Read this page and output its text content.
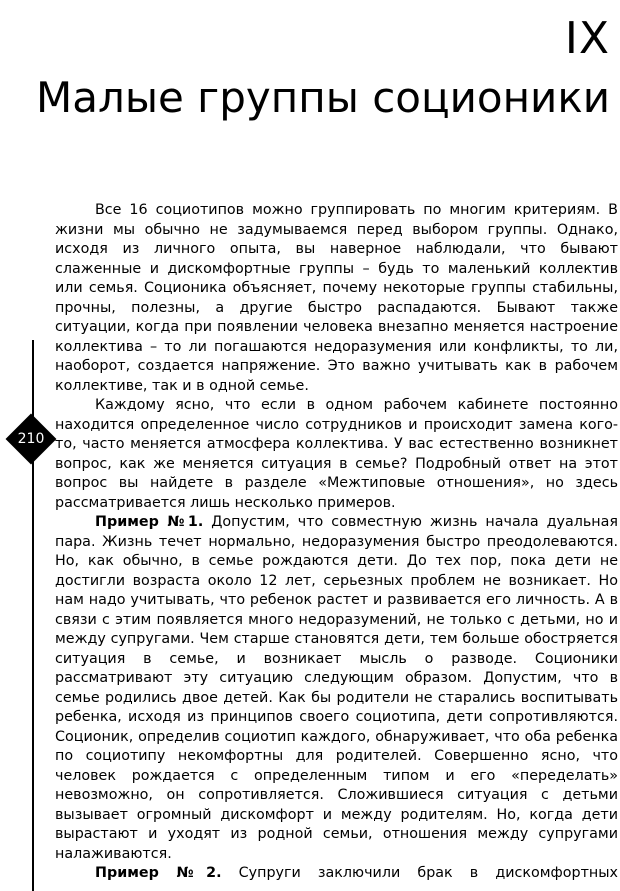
IX
Малые группы соционики
210

Все 16 социотипов можно группировать по многим критериям. В жизни мы обычно не задумываемся перед выбором группы. Однако, исходя из личного опыта, вы наверное наблюдали, что бывают слаженные и дискомфортные группы – будь то маленький коллектив или семья. Соционика объясняет, почему некоторые группы стабильны, прочны, полезны, а другие быстро распадаются. Бывают также ситуации, когда при появлении человека внезапно меняется настроение коллектива – то ли погашаются недоразумения или конфликты, то ли, наоборот, создается напряжение. Это важно учитывать как в рабочем коллективе, так и в одной семье.

Каждому ясно, что если в одном рабочем кабинете постоянно находится определенное число сотрудников и происходит замена кого-то, часто меняется атмосфера коллектива. У вас естественно возникнет вопрос, как же меняется ситуация в семье? Подробный ответ на этот вопрос вы найдете в разделе «Межтиповые отношения», но здесь рассматривается лишь несколько примеров.

Пример №1. Допустим, что совместную жизнь начала дуальная пара. Жизнь течет нормально, недоразумения быстро преодолеваются. Но, как обычно, в семье рождаются дети. До тех пор, пока дети не достигли возраста около 12 лет, серьезных проблем не возникает. Но нам надо учитывать, что ребенок растет и развивается его личность. А в связи с этим появляется много недоразумений, не только с детьми, но и между супругами. Чем старше становятся дети, тем больше обостряется ситуация в семье, и возникает мысль о разводе. Соционики рассматривают эту ситуацию следующим образом. Допустим, что в семье родились двое детей. Как бы родители не старались воспитывать ребенка, исходя из принципов своего социотипа, дети сопротивляются. Соционик, определив социотип каждого, обнаруживает, что оба ребенка по социотипу некомфортны для родителей. Совершенно ясно, что человек рождается с определенным типом и его «переделать» невозможно, он сопротивляется. Сложившиеся ситуация с детьми вызывает огромный дискомфорт и между родителям. Но, когда дети вырастают и уходят из родной семьи, отношения между супругами налаживаются.

Пример №2. Супруги заключили брак в дискомфортных
